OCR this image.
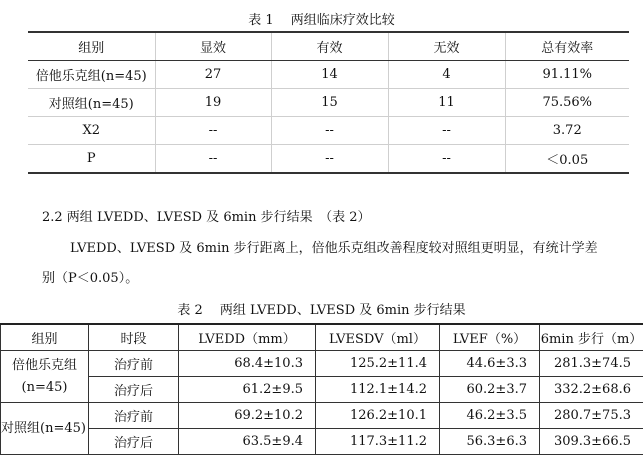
表 1　 两组临床疗效比较
组别	显效	有效	无效	总有效率
倍他乐克组(n=45)	27	14	4	91.11%
对照组(n=45)	19	15	11	75.56%
X2	--	--	--	3.72
P	--	--	--	＜0.05
2.2 两组 LVEDD、LVESD 及 6min 步行结果　（表 2）
LVEDD、LVESD 及 6min 步行距离上，倍他乐克组改善程度较对照组更明显，有统计学差
别（P＜0.05）。
表 2　 两组 LVEDD、LVESD 及 6min 步行结果
组别	时段	LVEDD（mm）	LVESDV（ml）	LVEF（%）	6min 步行（m）

倍他乐克组
(n=45)	治疗前	68.4±10.3	125.2±11.4	44.6±3.3	281.3±74.5
	治疗后	61.2±9.5	112.1±14.2	60.2±3.7	332.2±68.6

对照组(n=45)	治疗前	69.2±10.2	126.2±10.1	46.2±3.5	280.7±75.3
	治疗后	63.5±9.4	117.3±11.2	56.3±6.3	309.3±66.5
